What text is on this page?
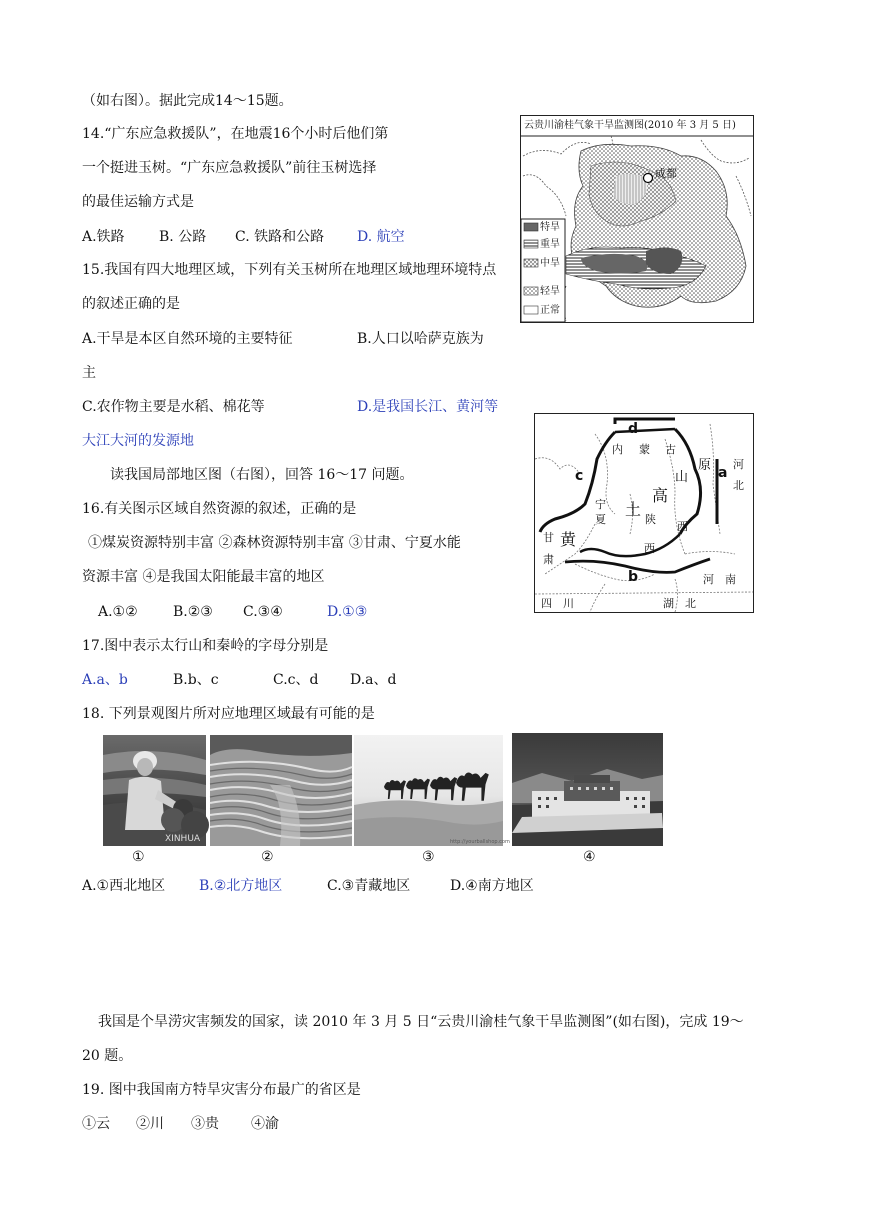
（如右图）。据此完成14～15题。
14.“广东应急救援队”，在地震16个小时后他们第
一个挺进玉树。“广东应急救援队”前往玉树选择
的最佳运输方式是
A.铁路 B. 公路 C. 铁路和公路 D. 航空
15.我国有四大地理区域，下列有关玉树所在地理区域地理环境特点
的叙述正确的是
A.干旱是本区自然环境的主要特征	B.人口以哈萨克族为
主
C.农作物主要是水稻、棉花等	D.是我国长江、黄河等
大江大河的发源地
读我国局部地区图（右图），回答 16～17 问题。
16.有关图示区域自然资源的叙述，正确的是
①煤炭资源特别丰富 ②森林资源特别丰富 ③甘肃、宁夏水能
资源丰富 ④是我国太阳能最丰富的地区
A.①②	B.②③ C.③④	D.①③
17.图中表示太行山和秦岭的字母分别是
A.a、b	B.b、c	C.c、d D.a、d
18. 下列景观图片所对应地理区域最有可能的是
XINHUA	http://yourballshop.com
①	②	③	④
A.①西北地区 B.②北方地区	C.③青藏地区	D.④南方地区
我国是个旱涝灾害频发的国家，读 2010 年 3 月 5 日“云贵川渝桂气象干旱监测图”(如右图)，完成 19～
20 题。
19. 图中我国南方特旱灾害分布最广的省区是
①云 ②川 ③贵 ④渝
云贵川渝桂气象干旱监测图(2010 年 3 月 5 日)
成都
特旱
重旱
中旱
轻旱
正常
d
a
c
b
内 蒙 古
宁
夏
土
高
黄
陕
西
山
原
西
河
北
甘
肃
河　南
四　川	湖　北
